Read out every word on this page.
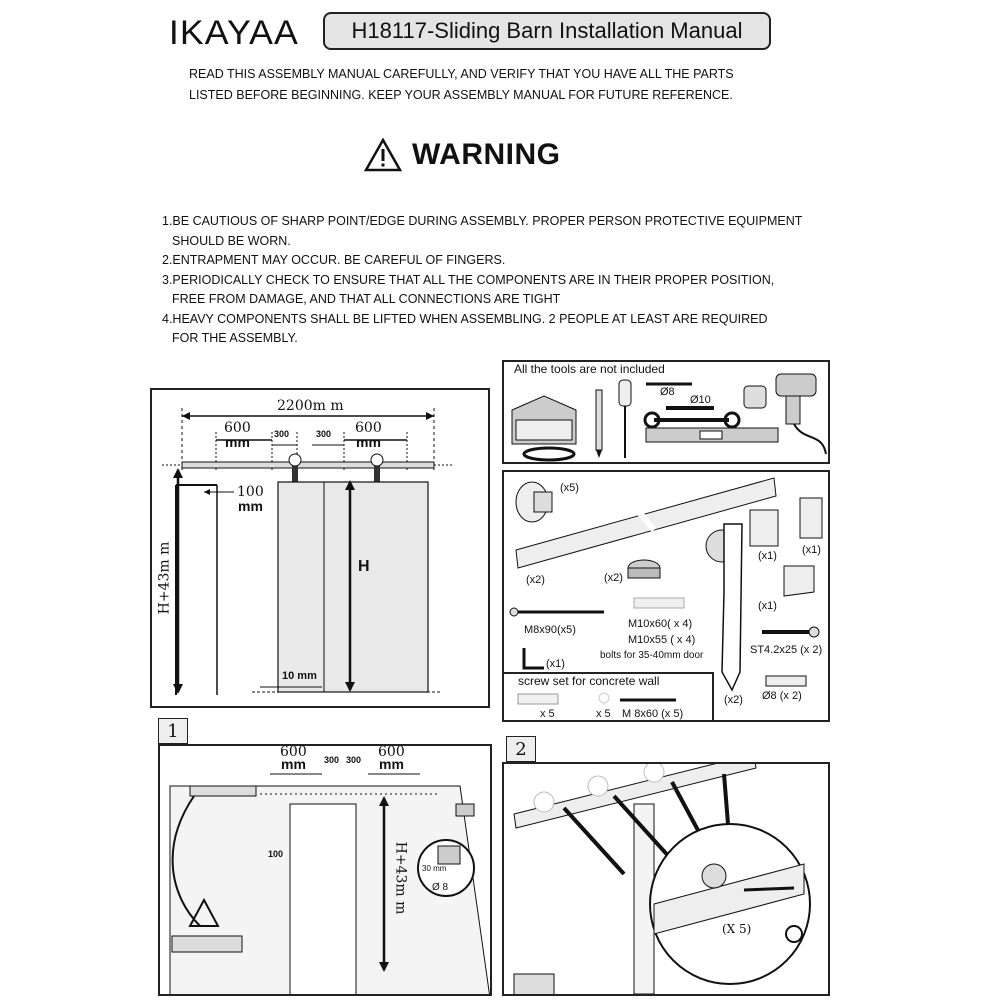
IKAYAA	H18117-Sliding Barn Installation Manual
READ THIS ASSEMBLY MANUAL CAREFULLY, AND VERIFY THAT YOU HAVE ALL THE PARTS
LISTED BEFORE BEGINNING. KEEP YOUR ASSEMBLY MANUAL FOR FUTURE REFERENCE.
WARNING

1.BE CAUTIOUS OF SHARP POINT/EDGE DURING ASSEMBLY. PROPER PERSON PROTECTIVE EQUIPMENT

SHOULD BE WORN.

2.ENTRAPMENT MAY OCCUR. BE CAREFUL OF FINGERS.

3.PERIODICALLY CHECK TO ENSURE THAT ALL THE COMPONENTS ARE IN THEIR PROPER POSITION,

FREE FROM DAMAGE, AND THAT ALL CONNECTIONS ARE TIGHT

4.HEAVY COMPONENTS SHALL BE LIFTED WHEN ASSEMBLING. 2 PEOPLE AT LEAST ARE REQUIRED

FOR THE ASSEMBLY.

2200m m
600
mm	300	300 600
mm
100
mm
H+43m m	H
10 mm
All the tools are not included
Ø8
Ø10
(x5)
(x2)	(x2)
(x1) (x1)
(x1)
M8x90(x5)	M10x60( x 4)
M10x55 ( x 4)
bolts for 35-40mm door
(x1)
ST4.2x25 (x 2)
(x2) Ø8 (x 2)
screw set for concrete wall
x 5	x 5 M 8x60 (x 5)
1
600
mm 300 300 600
mm
100	H+43m m 30 mm
Ø 8
2
(X 5)
